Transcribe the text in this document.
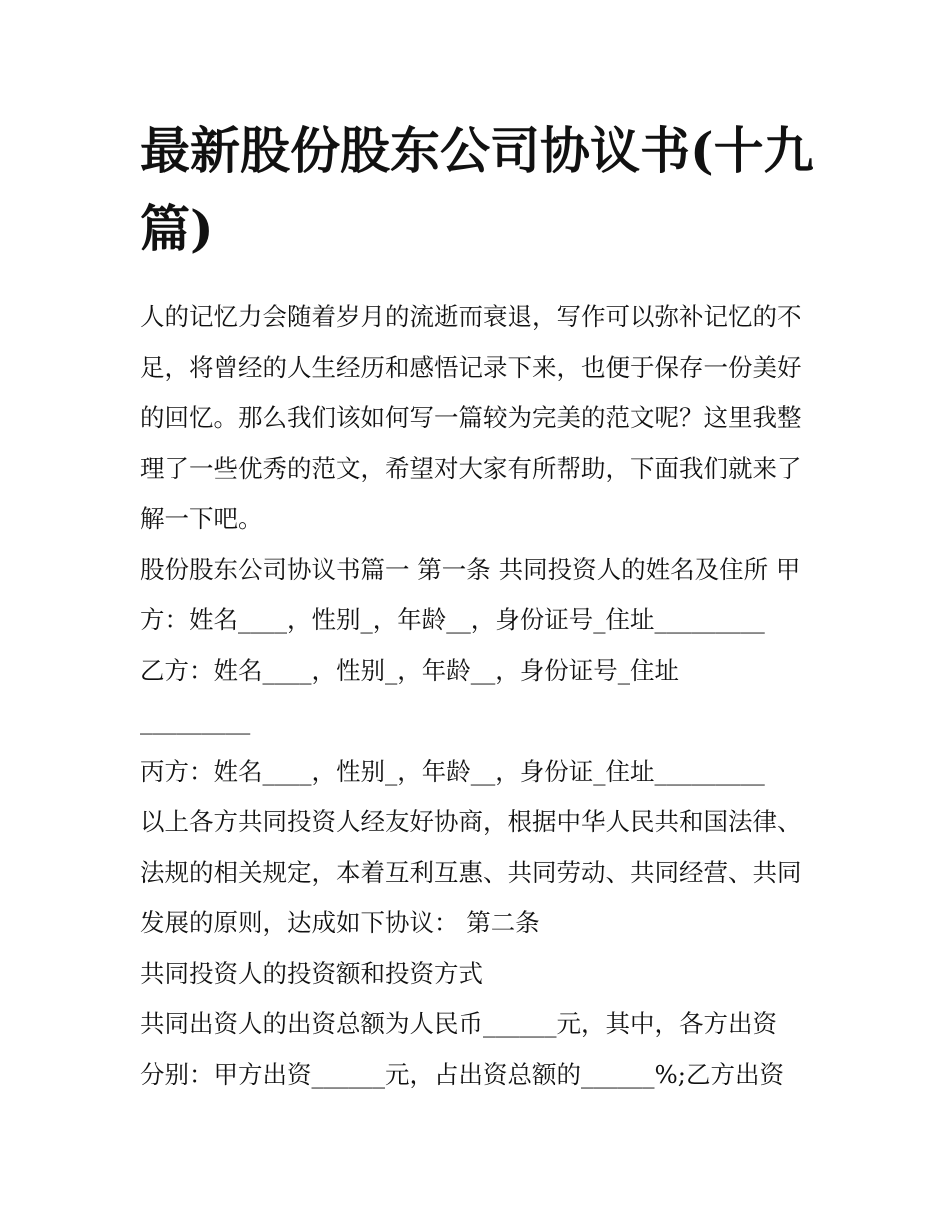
最新股份股东公司协议书(十九
篇)

人的记忆力会随着岁月的流逝而衰退，写作可以弥补记忆的不
足，将曾经的人生经历和感悟记录下来，也便于保存一份美好
的回忆。那么我们该如何写一篇较为完美的范文呢？这里我整
理了一些优秀的范文，希望对大家有所帮助，下面我们就来了
解一下吧。

股份股东公司协议书篇一 第一条 共同投资人的姓名及住所 甲
方：姓名____，性别_，年龄__，身份证号_住址_________
乙方：姓名____，性别_，年龄__，身份证号_住址
_________
丙方：姓名____，性别_，年龄__，身份证_住址_________
以上各方共同投资人经友好协商，根据中华人民共和国法律、
法规的相关规定，本着互利互惠、共同劳动、共同经营、共同
发展的原则，达成如下协议： 第二条
共同投资人的投资额和投资方式
共同出资人的出资总额为人民币______元，其中，各方出资
分别：甲方出资______元，占出资总额的______%;乙方出资
